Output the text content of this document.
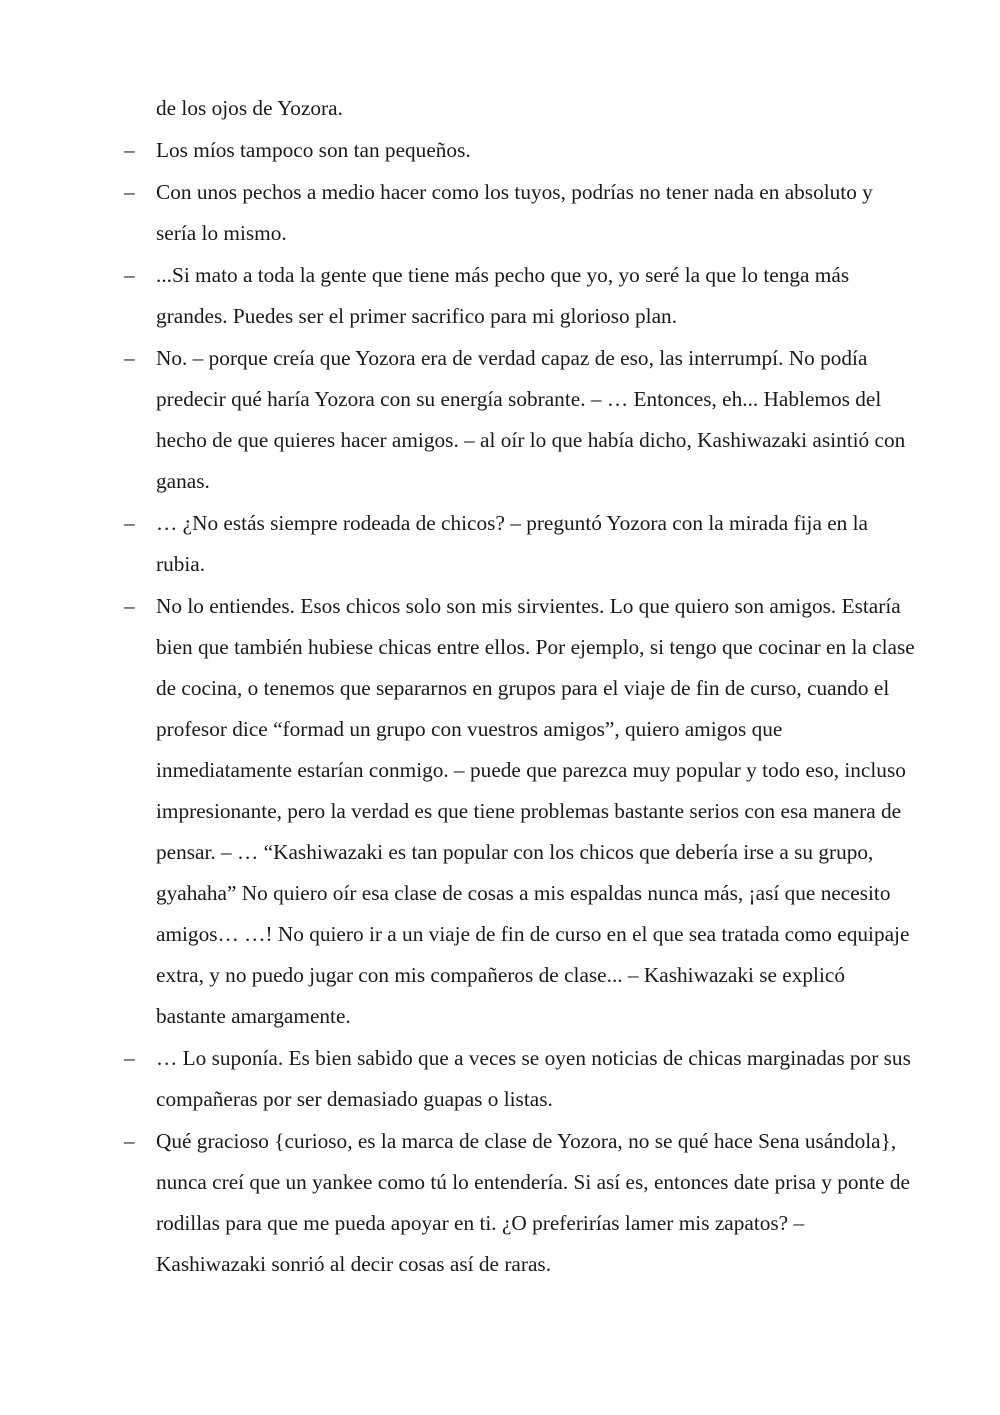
de los ojos de Yozora.
– Los míos tampoco son tan pequeños.
– Con unos pechos a medio hacer como los tuyos, podrías no tener nada en absoluto y sería lo mismo.
– ...Si mato a toda la gente que tiene más pecho que yo, yo seré la que lo tenga más grandes. Puedes ser el primer sacrifico para mi glorioso plan.
– No. – porque creía que Yozora era de verdad capaz de eso, las interrumpí. No podía predecir qué haría Yozora con su energía sobrante. – … Entonces, eh... Hablemos del hecho de que quieres hacer amigos. – al oír lo que había dicho, Kashiwazaki asintió con ganas.
– … ¿No estás siempre rodeada de chicos? – preguntó Yozora con la mirada fija en la rubia.
– No lo entiendes. Esos chicos solo son mis sirvientes. Lo que quiero son amigos. Estaría bien que también hubiese chicas entre ellos. Por ejemplo, si tengo que cocinar en la clase de cocina, o tenemos que separarnos en grupos para el viaje de fin de curso, cuando el profesor dice “formad un grupo con vuestros amigos”, quiero amigos que inmediatamente estarían conmigo. – puede que parezca muy popular y todo eso, incluso impresionante, pero la verdad es que tiene problemas bastante serios con esa manera de pensar. – … “Kashiwazaki es tan popular con los chicos que debería irse a su grupo, gyahaha” No quiero oír esa clase de cosas a mis espaldas nunca más, ¡así que necesito amigos… …! No quiero ir a un viaje de fin de curso en el que sea tratada como equipaje extra, y no puedo jugar con mis compañeros de clase... – Kashiwazaki se explicó bastante amargamente.
– … Lo suponía. Es bien sabido que a veces se oyen noticias de chicas marginadas por sus compañeras por ser demasiado guapas o listas.
– Qué gracioso {curioso, es la marca de clase de Yozora, no se qué hace Sena usándola}, nunca creí que un yankee como tú lo entendería. Si así es, entonces date prisa y ponte de rodillas para que me pueda apoyar en ti. ¿O preferirías lamer mis zapatos? – Kashiwazaki sonrió al decir cosas así de raras.
